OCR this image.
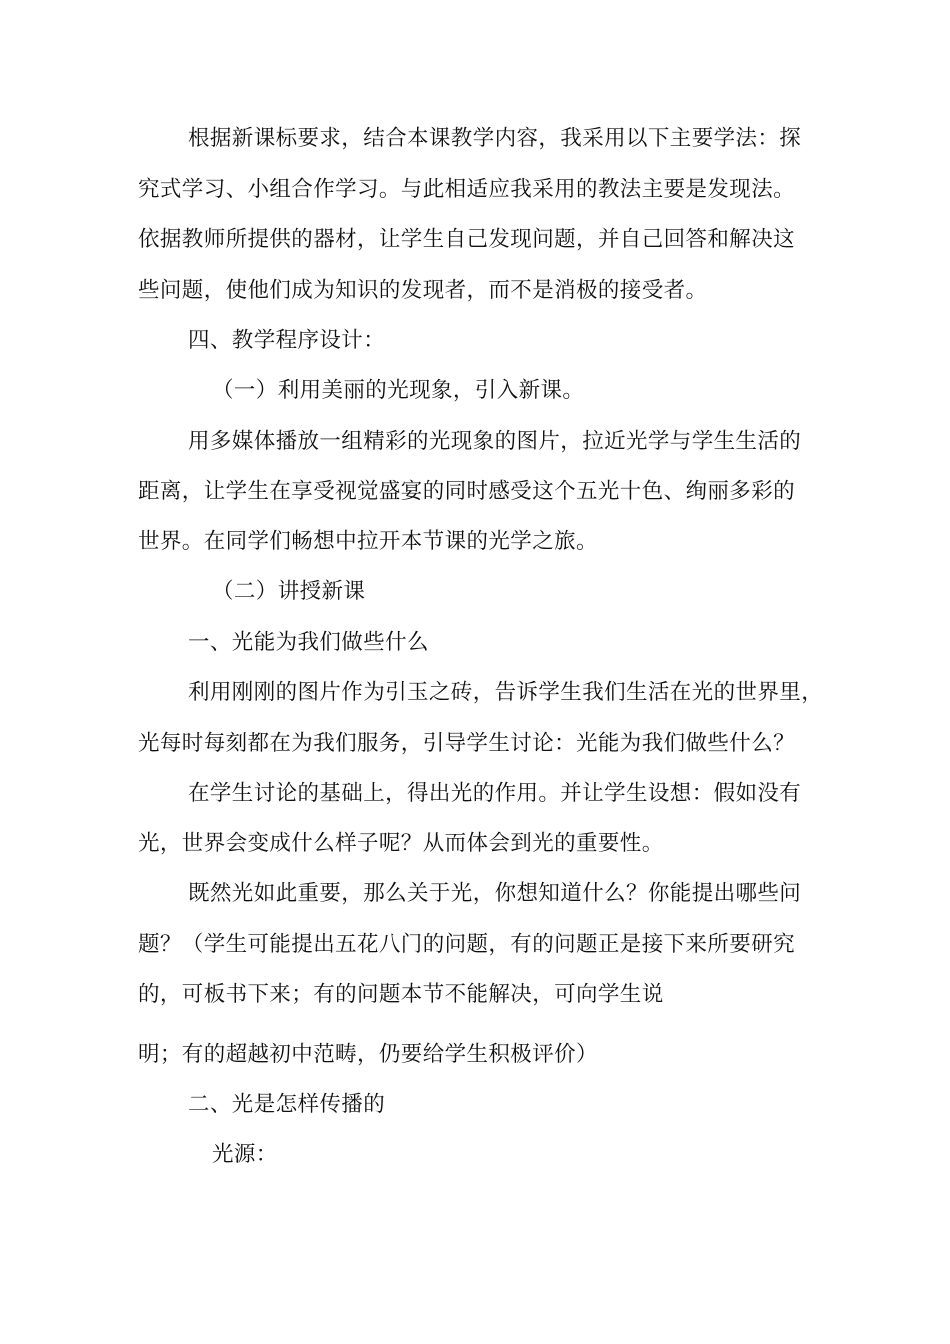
根据新课标要求，结合本课教学内容，我采用以下主要学法：探
究式学习、小组合作学习。与此相适应我采用的教法主要是发现法。
依据教师所提供的器材，让学生自己发现问题，并自己回答和解决这
些问题，使他们成为知识的发现者，而不是消极的接受者。
四、教学程序设计：
（一）利用美丽的光现象，引入新课。
用多媒体播放一组精彩的光现象的图片，拉近光学与学生生活的
距离，让学生在享受视觉盛宴的同时感受这个五光十色、绚丽多彩的
世界。在同学们畅想中拉开本节课的光学之旅。
（二）讲授新课
一、光能为我们做些什么
利用刚刚的图片作为引玉之砖，告诉学生我们生活在光的世界里，
光每时每刻都在为我们服务，引导学生讨论：光能为我们做些什么？
在学生讨论的基础上，得出光的作用。并让学生设想：假如没有
光，世界会变成什么样子呢？从而体会到光的重要性。
既然光如此重要，那么关于光，你想知道什么？你能提出哪些问
题？（学生可能提出五花八门的问题，有的问题正是接下来所要研究
的，可板书下来；有的问题本节不能解决，可向学生说
明；有的超越初中范畴，仍要给学生积极评价）
二、光是怎样传播的
光源：
